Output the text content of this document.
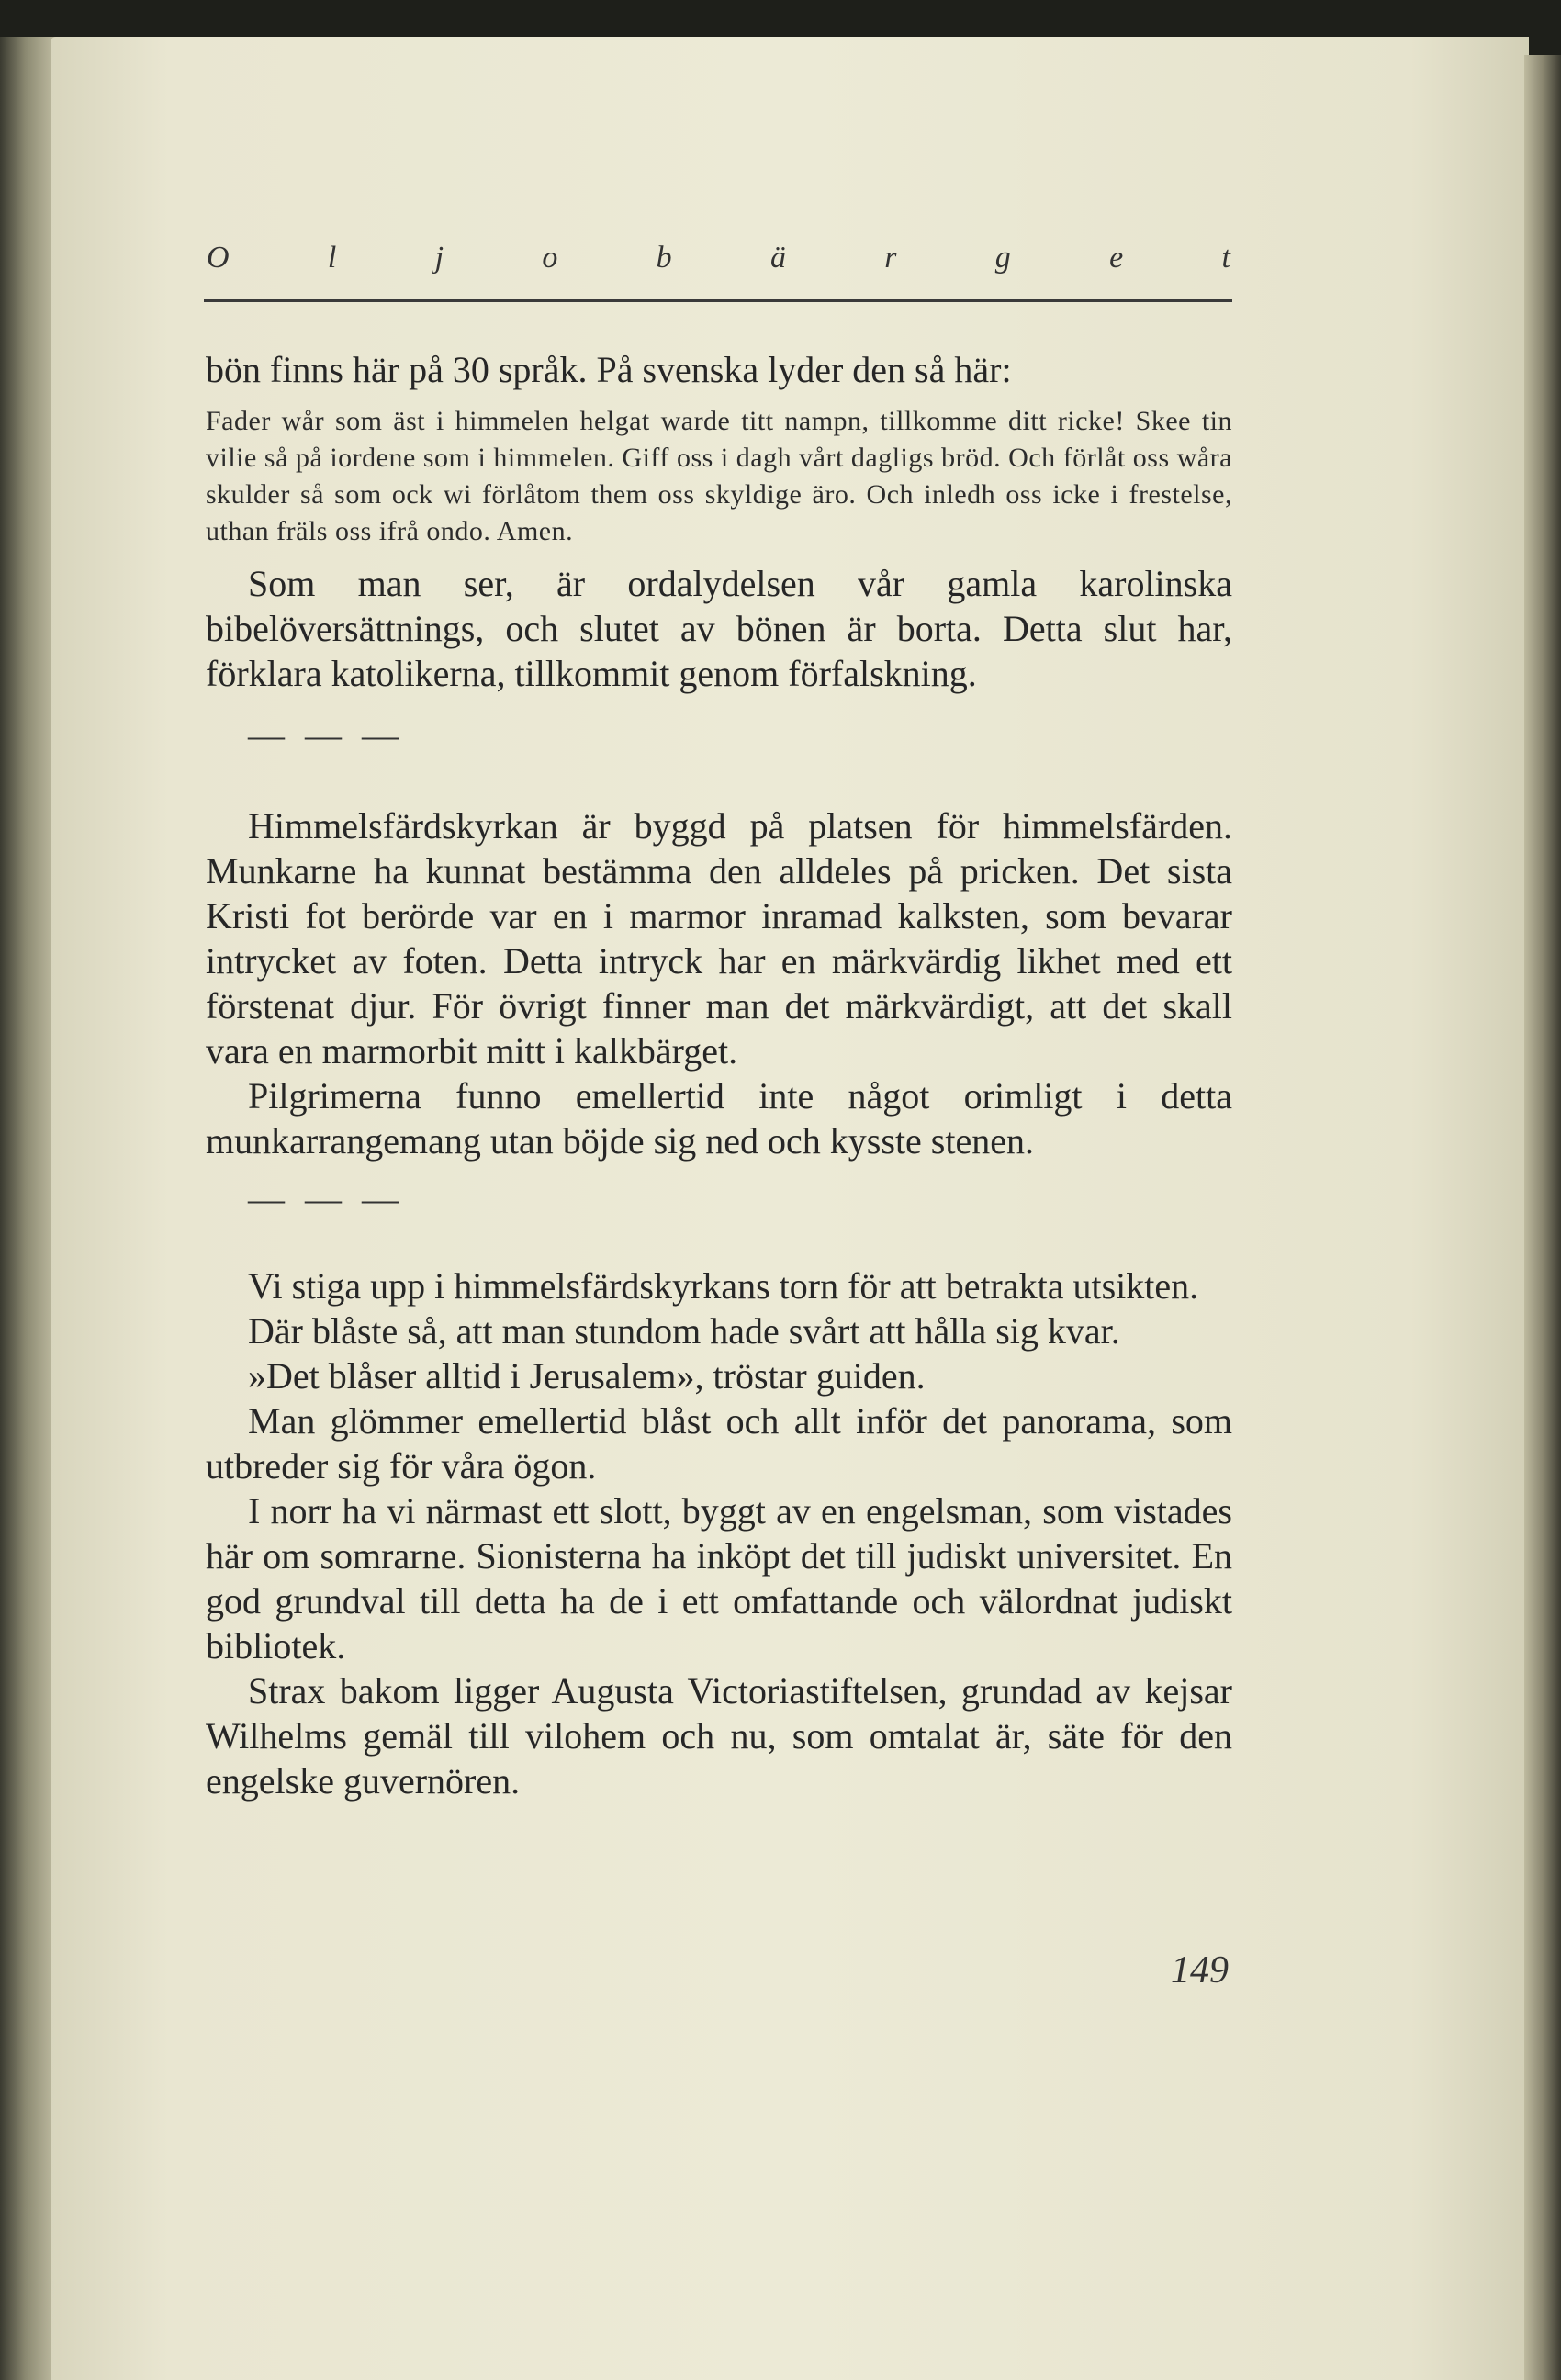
O	l	j	o	b	ä	r	g	e	t

bön finns här på 30 språk. På svenska lyder den så här:

Fader wår som äst i himmelen helgat warde titt nampn, tillkomme ditt ricke! Skee tin vilie så på iordene som i himmelen. Giff oss i dagh vårt dagligs bröd. Och förlåt oss wåra skulder så som ock wi förlåtom them oss skyldige äro. Och inledh oss icke i frestelse, uthan fräls oss ifrå ondo. Amen.

Som man ser, är ordalydelsen vår gamla karolinska bibelöversättnings, och slutet av bönen är borta. Detta slut har, förklara katolikerna, tillkommit genom förfalskning.

— — —

Himmelsfärdskyrkan är byggd på platsen för himmelsfärden. Munkarne ha kunnat bestämma den alldeles på pricken. Det sista Kristi fot berörde var en i marmor inramad kalksten, som bevarar intrycket av foten. Detta intryck har en märkvärdig likhet med ett förstenat djur. För övrigt finner man det märkvärdigt, att det skall vara en marmorbit mitt i kalkbärget.

Pilgrimerna funno emellertid inte något orimligt i detta munkarrangemang utan böjde sig ned och kysste stenen.

— — —

Vi stiga upp i himmelsfärdskyrkans torn för att betrakta utsikten.

Där blåste så, att man stundom hade svårt att hålla sig kvar.

»Det blåser alltid i Jerusalem», tröstar guiden.

Man glömmer emellertid blåst och allt inför det panorama, som utbreder sig för våra ögon.

I norr ha vi närmast ett slott, byggt av en engelsman, som vistades här om somrarne. Sionisterna ha inköpt det till judiskt universitet. En god grundval till detta ha de i ett omfattande och välordnat judiskt bibliotek.

Strax bakom ligger Augusta Victoriastiftelsen, grundad av kejsar Wilhelms gemäl till vilohem och nu, som omtalat är, säte för den engelske guvernören.

149
